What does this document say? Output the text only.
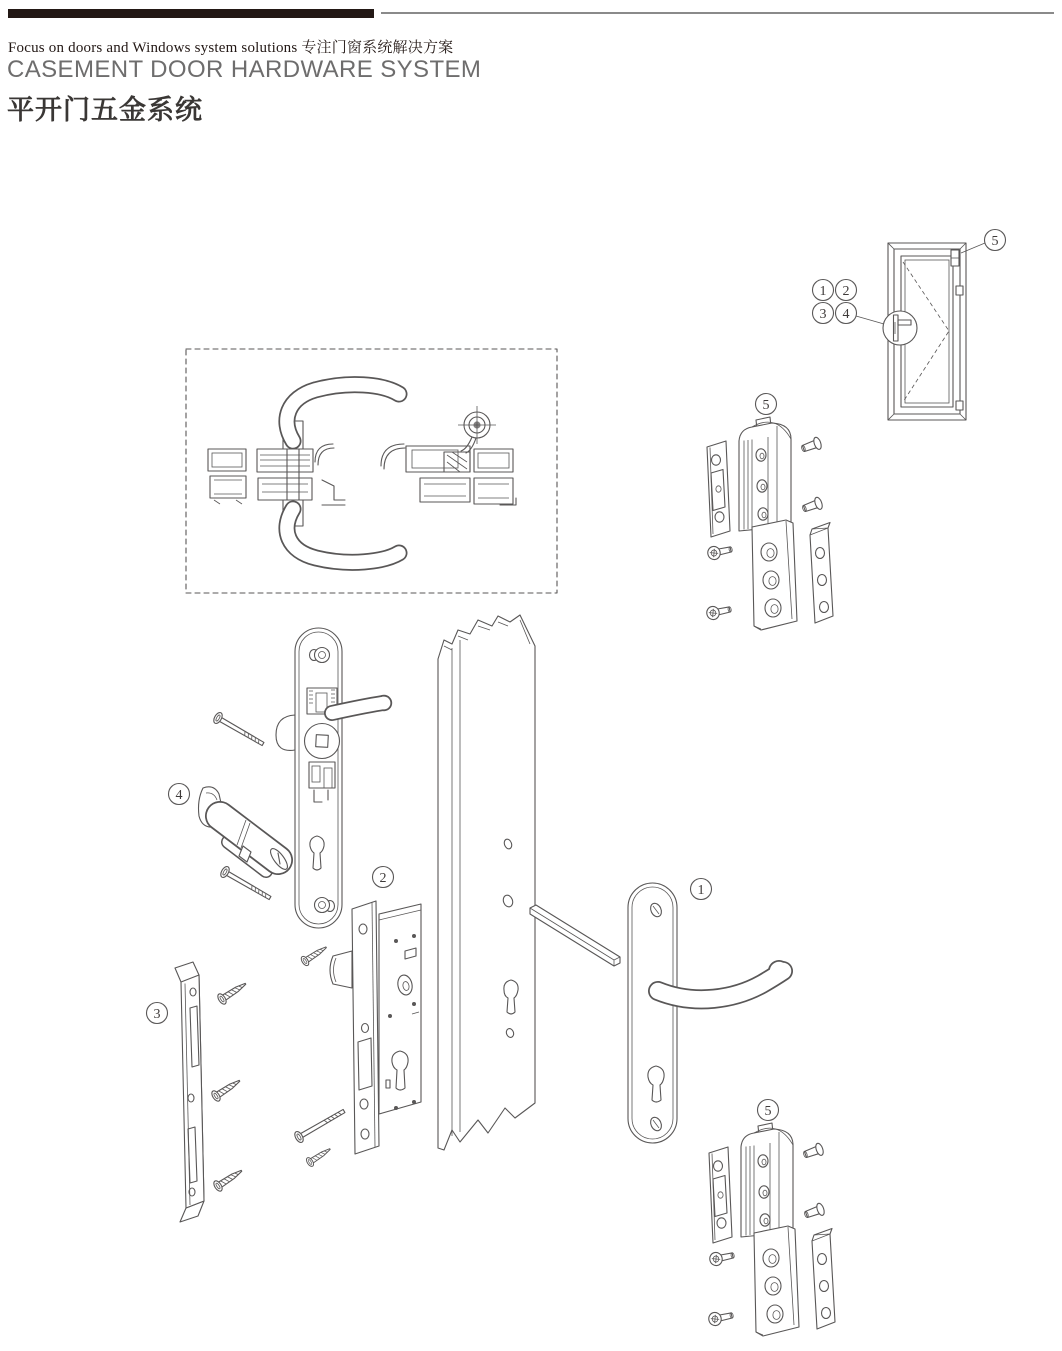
Focus on doors and Windows system solutions 专注门窗系统解决方案
CASEMENT DOOR HARDWARE SYSTEM
平开门五金系统
1 2
3 4
5
5
5
4
2
1
3
